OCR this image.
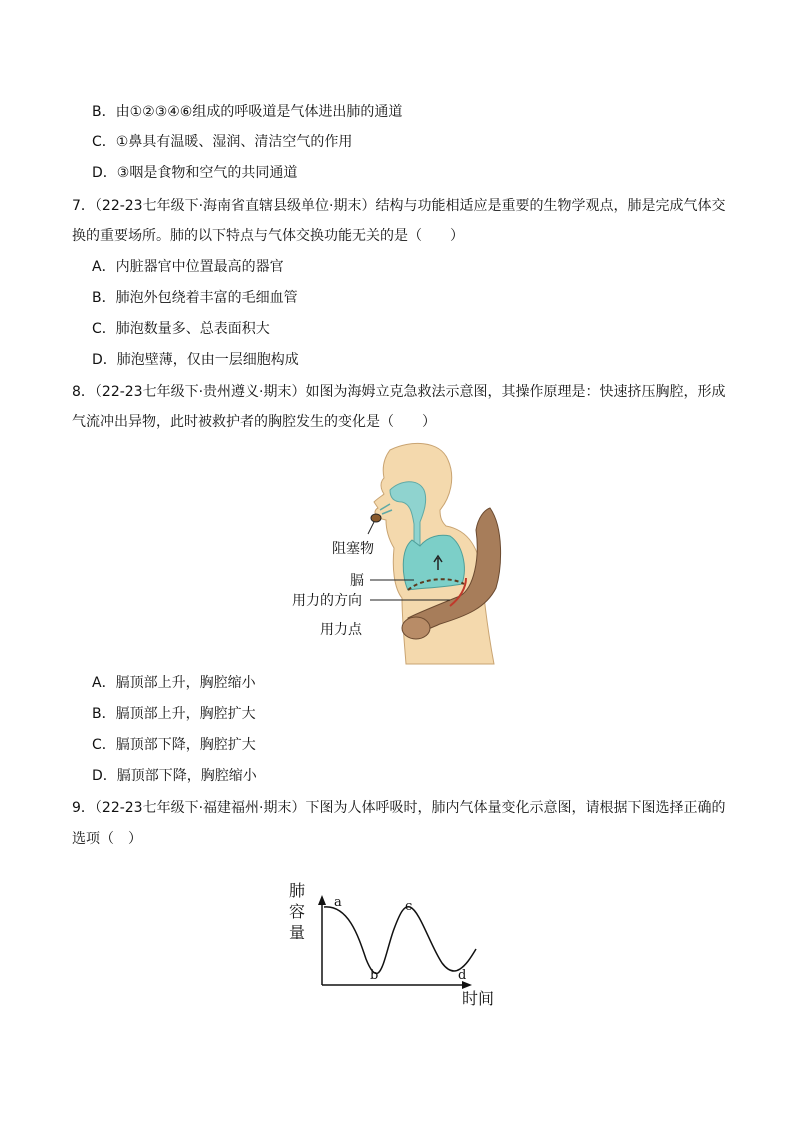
B．由①②③④⑥组成的呼吸道是气体进出肺的通道
C．①鼻具有温暖、湿润、清洁空气的作用
D．③咽是食物和空气的共同通道
7．（22-23七年级下·海南省直辖县级单位·期末）结构与功能相适应是重要的生物学观点，肺是完成气体交
换的重要场所。肺的以下特点与气体交换功能无关的是（　　）
A．内脏器官中位置最高的器官
B．肺泡外包绕着丰富的毛细血管
C．肺泡数量多、总表面积大
D．肺泡壁薄，仅由一层细胞构成
8．（22-23七年级下·贵州遵义·期末）如图为海姆立克急救法示意图，其操作原理是：快速挤压胸腔，形成
气流冲出异物，此时被救护者的胸腔发生的变化是（　　）
阻塞物
膈
用力的方向
用力点
A．膈顶部上升，胸腔缩小
B．膈顶部上升，胸腔扩大
C．膈顶部下降，胸腔扩大
D．膈顶部下降，胸腔缩小
9．（22-23七年级下·福建福州·期末）下图为人体呼吸时，肺内气体量变化示意图，请根据下图选择正确的
选项（　）
肺
容
量
时间
a
b
c
d
